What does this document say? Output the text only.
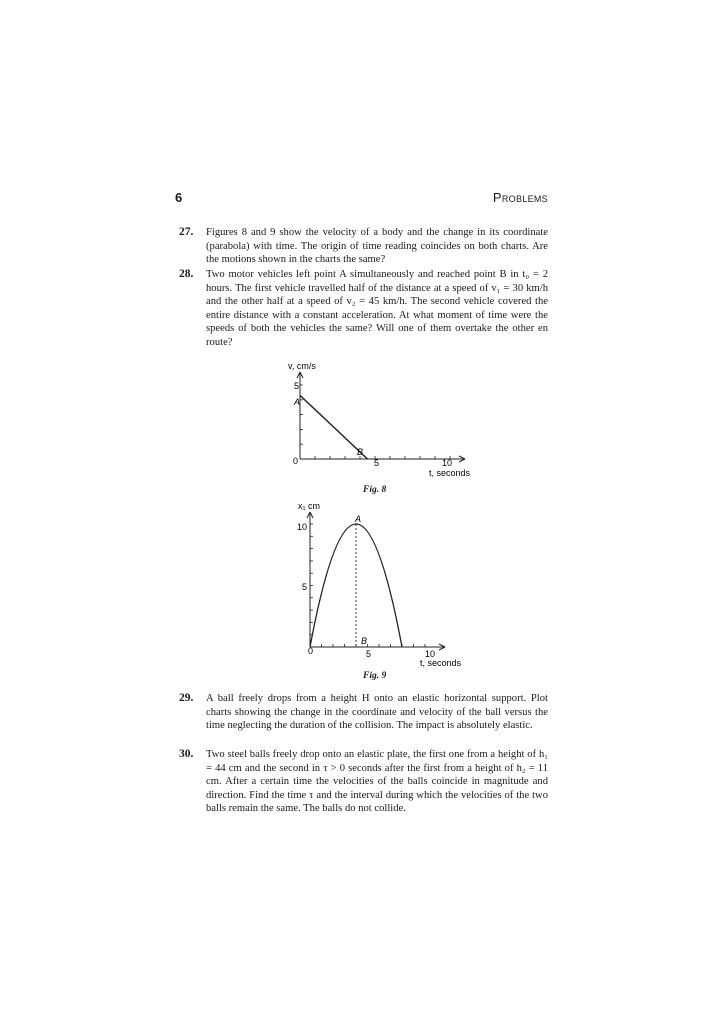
6	Problems
27. Figures 8 and 9 show the velocity of a body and the change in its coordinate (parabola) with time. The origin of time reading coincides on both charts. Are the motions shown in the charts the same?
28. Two motor vehicles left point A simultaneously and reached point B in t₀ = 2 hours. The first vehicle travelled half of the distance at a speed of v₁ = 30 km/h and the other half at a speed of v₂ = 45 km/h. The second vehicle covered the entire distance with a constant acceleration. At what moment of time were the speeds of both the vehicles the same? Will one of them overtake the other en route?
v, cm/s
t, seconds
5
5	10
0
A
B
Fig. 8
x₁ cm
t, seconds
10
5
5	10
0
A
B
Fig. 9
29. A ball freely drops from a height H onto an elastic horizontal support. Plot charts showing the change in the coordinate and velocity of the ball versus the time neglecting the duration of the collision. The impact is absolutely elastic.
30. Two steel balls freely drop onto an elastic plate, the first one from a height of h₁ = 44 cm and the second in τ > 0 seconds after the first from a height of h₂ = 11 cm. After a certain time the velocities of the balls coincide in magnitude and direction. Find the time τ and the interval during which the velocities of the two balls remain the same. The balls do not collide.
